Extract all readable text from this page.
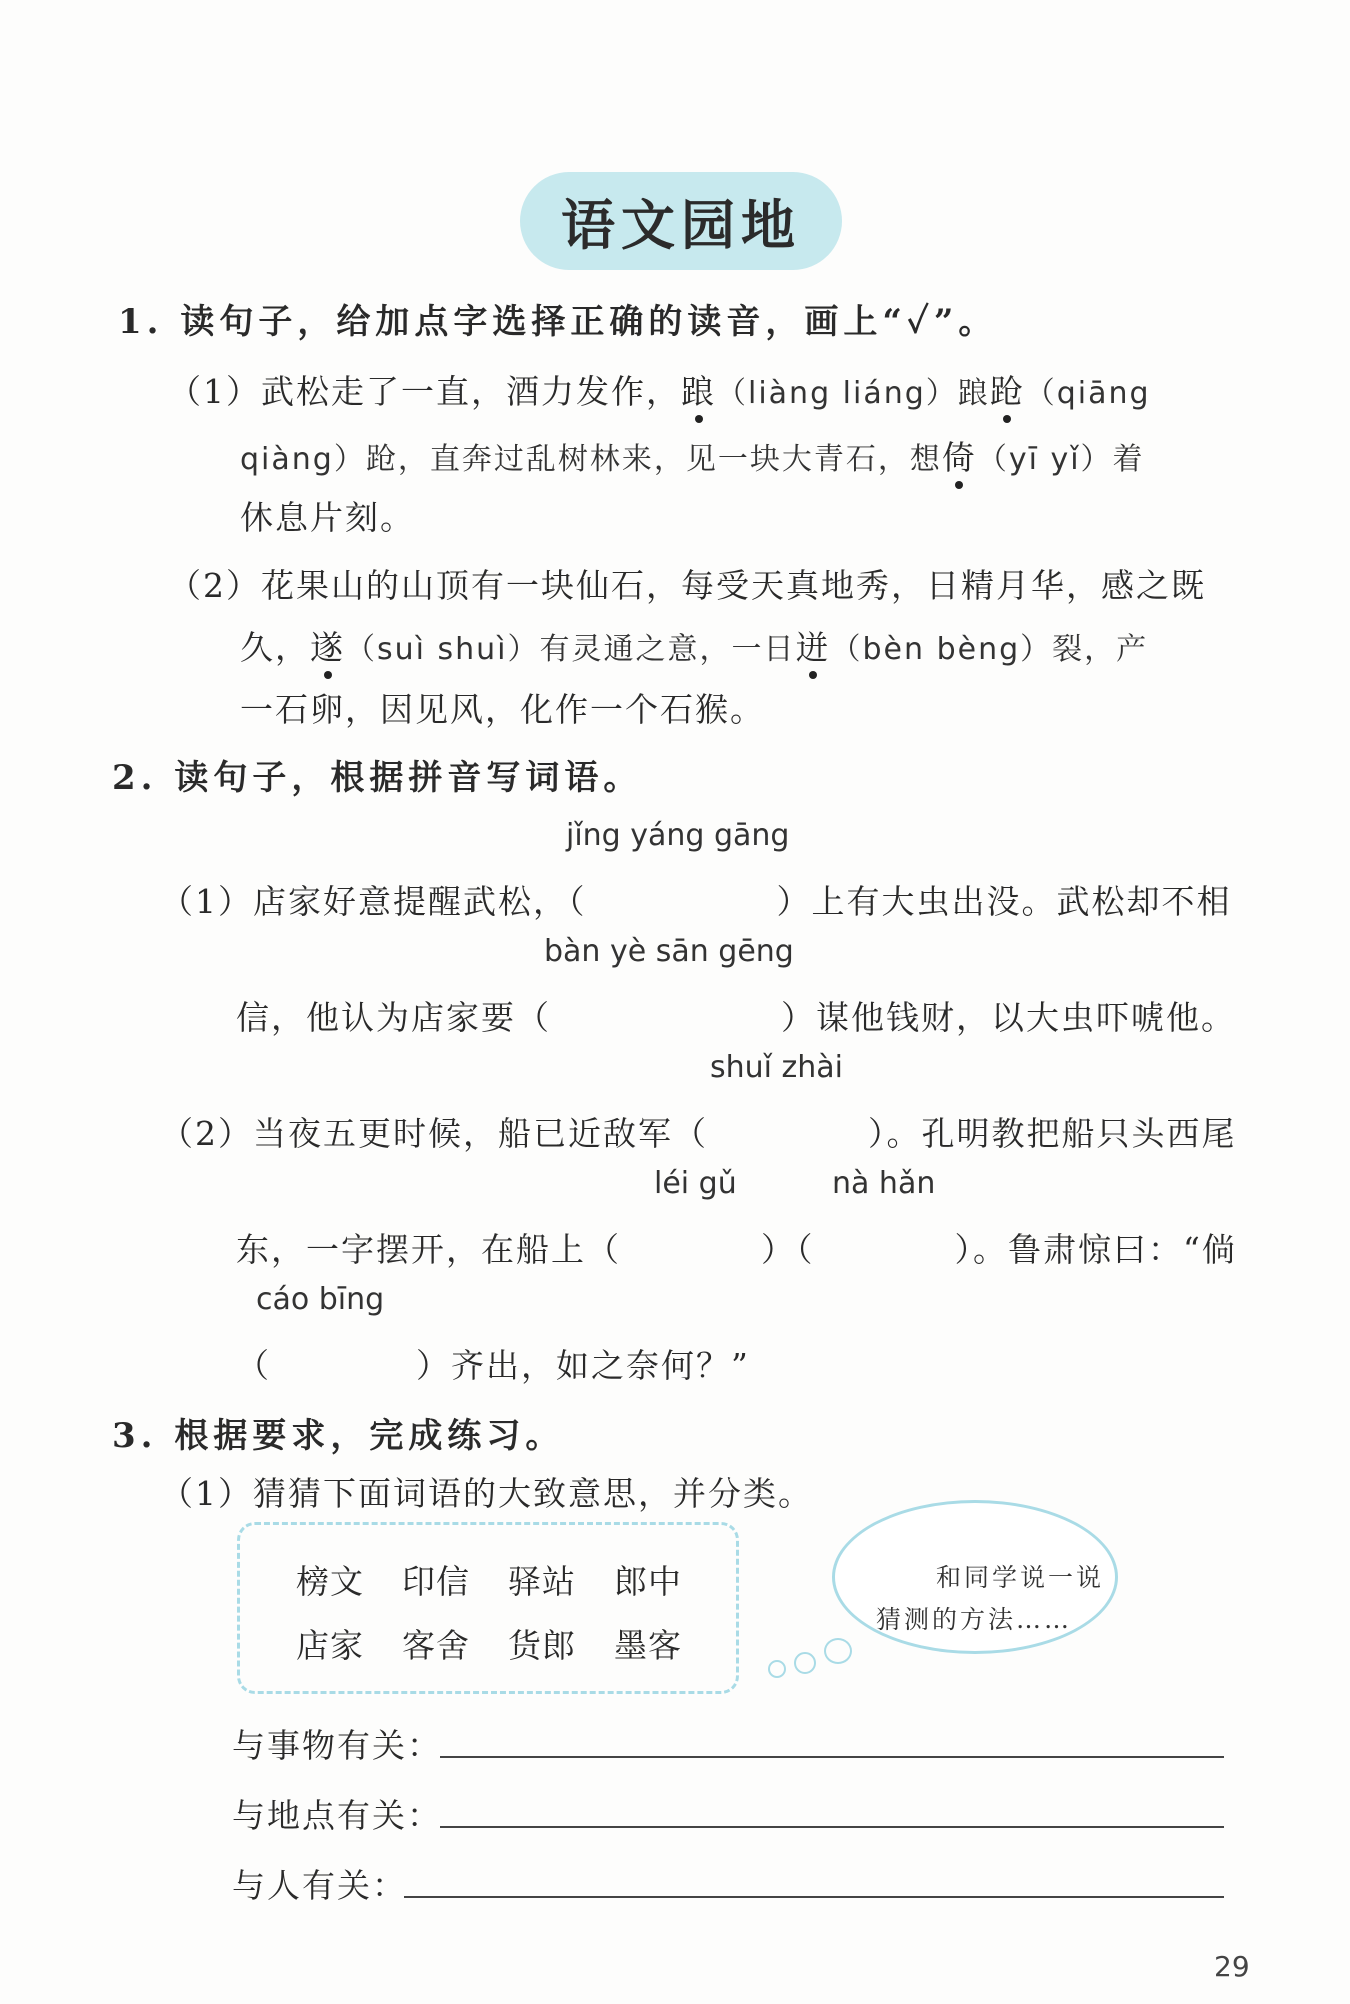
语文园地
1. 读句子，给加点字选择正确的读音，画上“✓”。
（1）武松走了一直，酒力发作，踉（liàng liáng）踉跄（qiāng
qiàng）跄，直奔过乱树林来，见一块大青石，想倚（yī yǐ）着
休息片刻。
（2）花果山的山顶有一块仙石，每受天真地秀，日精月华，感之既
久，遂（suì shuì）有灵通之意，一日迸（bèn bèng）裂，产
一石卵，因见风，化作一个石猴。
2. 读句子，根据拼音写词语。
jǐng yáng gāng
（1）店家好意提醒武松，（	）上有大虫出没。武松却不相
bàn yè sān gēng
信，他认为店家要（	）谋他钱财，以大虫吓唬他。
shuǐ zhài
（2）当夜五更时候，船已近敌军（	）。孔明教把船只头西尾
léi gǔ	nà hǎn
东，一字摆开，在船上（	）（	）。鲁肃惊曰：“倘
cáo bīng
（	）齐出，如之奈何？”
3. 根据要求，完成练习。
（1）猜猜下面词语的大致意思，并分类。
榜文 印信 驿站 郎中
店家 客舍 货郎 墨客
和同学说一说
猜测的方法……
与事物有关：
与地点有关：
与人有关：
29
